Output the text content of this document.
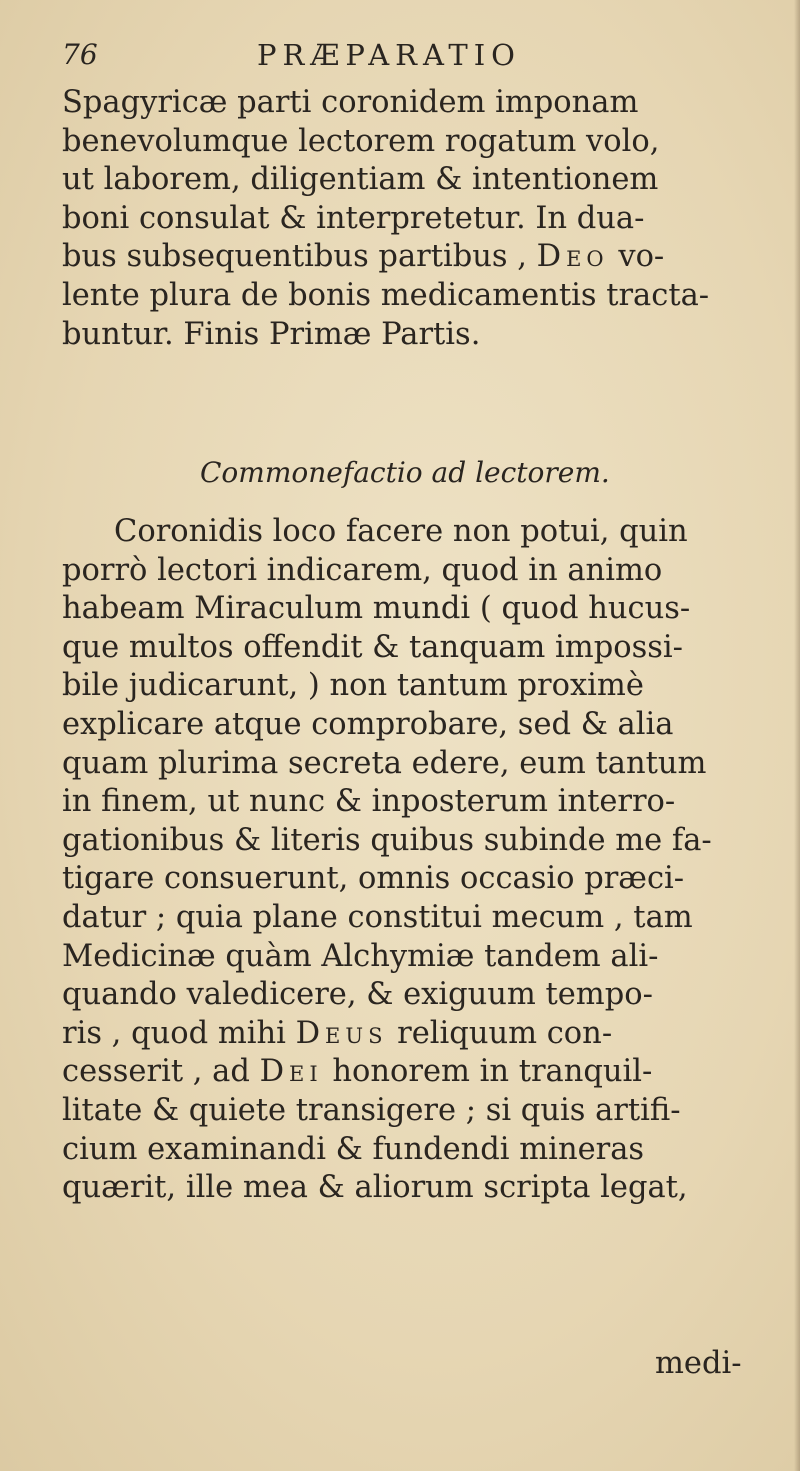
76	PRÆPARATIO
Spagyricæ parti coronidem imponam
benevolumque lectorem rogatum volo,
ut laborem, diligentiam & intentionem
boni consulat & interpretetur. In dua-
bus subsequentibus partibus , Deo vo-
lente plura de bonis medicamentis tracta-
buntur. Finis Primæ Partis.
Commonefactio ad lectorem.
Coronidis loco facere non potui, quin
porrò lectori indicarem, quod in animo
habeam Miraculum mundi ( quod hucus-
que multos offendit & tanquam impossi-
bile judicarunt, ) non tantum proximè
explicare atque comprobare, sed & alia
quam plurima secreta edere, eum tantum
in finem, ut nunc & inposterum interro-
gationibus & literis quibus subinde me fa-
tigare consuerunt, omnis occasio præci-
datur ; quia plane constitui mecum , tam
Medicinæ quàm Alchymiæ tandem ali-
quando valedicere, & exiguum tempo-
ris , quod mihi Deus reliquum con-
cesserit , ad Dei honorem in tranquil-
litate & quiete transigere ; si quis artifi-
cium examinandi & fundendi mineras
quærit, ille mea & aliorum scripta legat,
medi-
